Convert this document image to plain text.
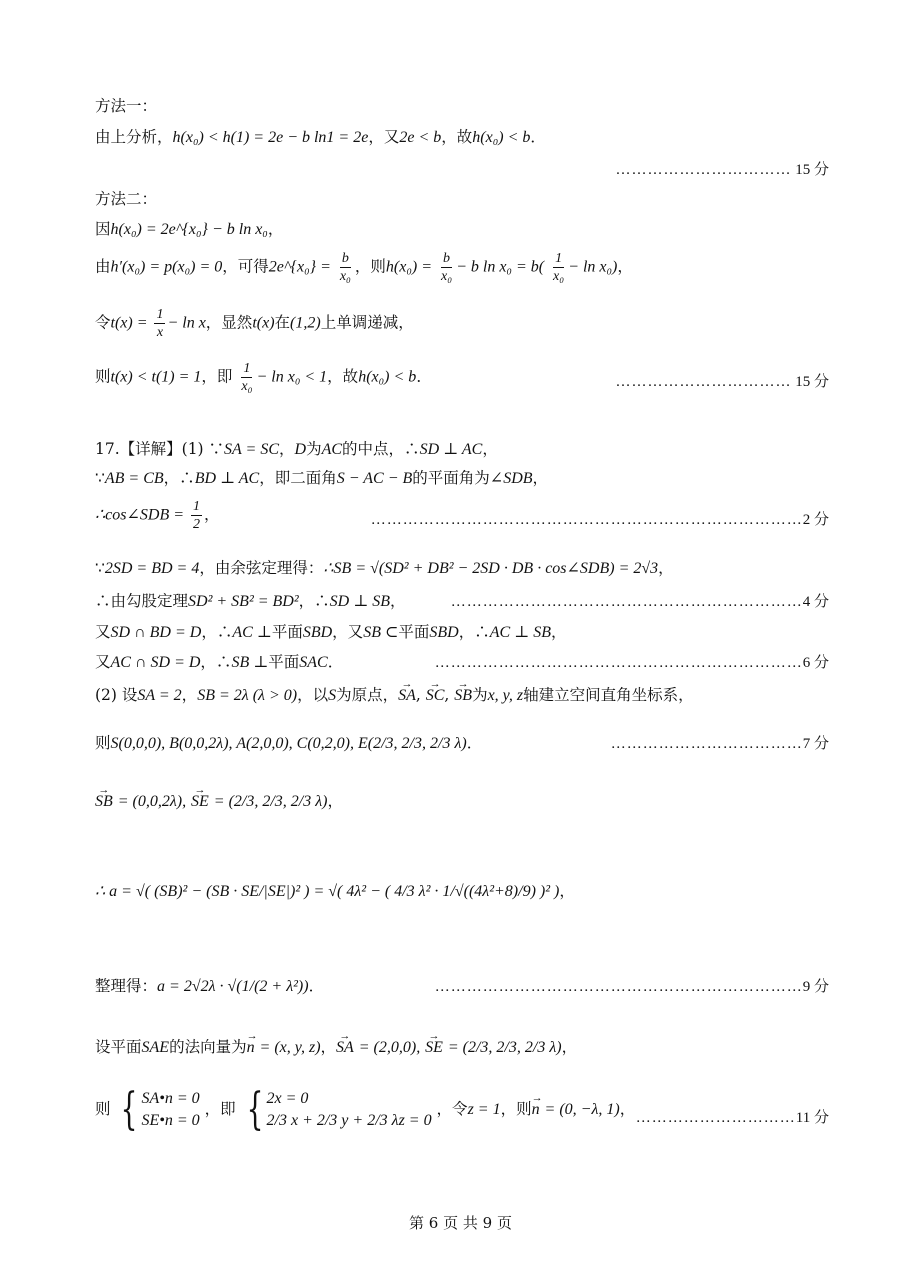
方法一：
由上分析，h(x₀) < h(1) = 2e − b ln1 = 2e，又2e < b，故h(x₀) < b．
…………………………… 15 分
方法二：
因h(x₀) = 2e^{x₀} − b ln x₀，
由h′(x₀) = p(x₀) = 0，可得2e^{x₀} = $\frac{b}{\text{x₀}}$ ，则$h(x_0) = \frac{b}{\text{x₀}} - b$ $\ln x_0 = b( \frac{1}{\text{x₀}} - \ln x_0)$，
令$t(x) = \frac{1}{x} - \ln x$，显然t(x)在(1,2)上单调递减，
则t(x) < t(1) = 1，即 $\frac{1}{\text{x₀}} - \ln x_0 < 1$，故h(x₀) < b．	…………………………… 15 分
17.【详解】(1) ∵SA = SC，D为AC的中点，∴SD ⊥ AC，
∵AB = CB，∴BD ⊥ AC，即二面角S − AC − B的平面角为∠SDB，
∴cos∠SDB = $\frac{1}{2}$ ，	………………………………………………………………………2 分
∵2SD = BD = 4，由余弦定理得：∴SB = √(SD² + DB² − 2SD · DB · cos∠SDB) = 2√3，
∴由勾股定理SD² + SB² = BD²，∴SD ⊥ SB，	…………………………………………………………4 分
又SD ∩ BD = D，∴AC ⊥平面SBD，又SB ⊂平面SBD，∴AC ⊥ SB，
又AC ∩ SD = D，∴SB ⊥平面SAC．	……………………………………………………………6 分
(2) 设SA = 2，SB = 2λ (λ > 0)，以S为原点，→ SA, → SC, → SB为x, y, z轴建立空间直角坐标系，
则S(0,0,0), B(0,0,2λ), A(2,0,0), C(0,2,0), E(2/3, 2/3, 2/3 λ)．	………………………………7 分
→ SB = (0,0,2λ), → SE = (2/3, 2/3, 2/3 λ)，
∴ a = √( (SB)² − (SB · SE/|SE|)² ) = √( 4λ² − ( 4/3 λ² · 1/√((4λ²+8)/9) )² )，
整理得：a = 2√2λ · √(1/(2 + λ²))．	……………………………………………………………9 分
设平面SAE的法向量为→ n = (x, y, z)，→ SA = (2,0,0), → SE = (2/3, 2/3, 2/3 λ)，
则 { SA•n = 0
SE•n = 0
，即 { 2x = 0
2/3 x + 2/3 y + 2/3 λz = 0
，令z = 1，则→ n = (0, −λ, 1)， …………………………11 分
第 6 页 共 9 页
